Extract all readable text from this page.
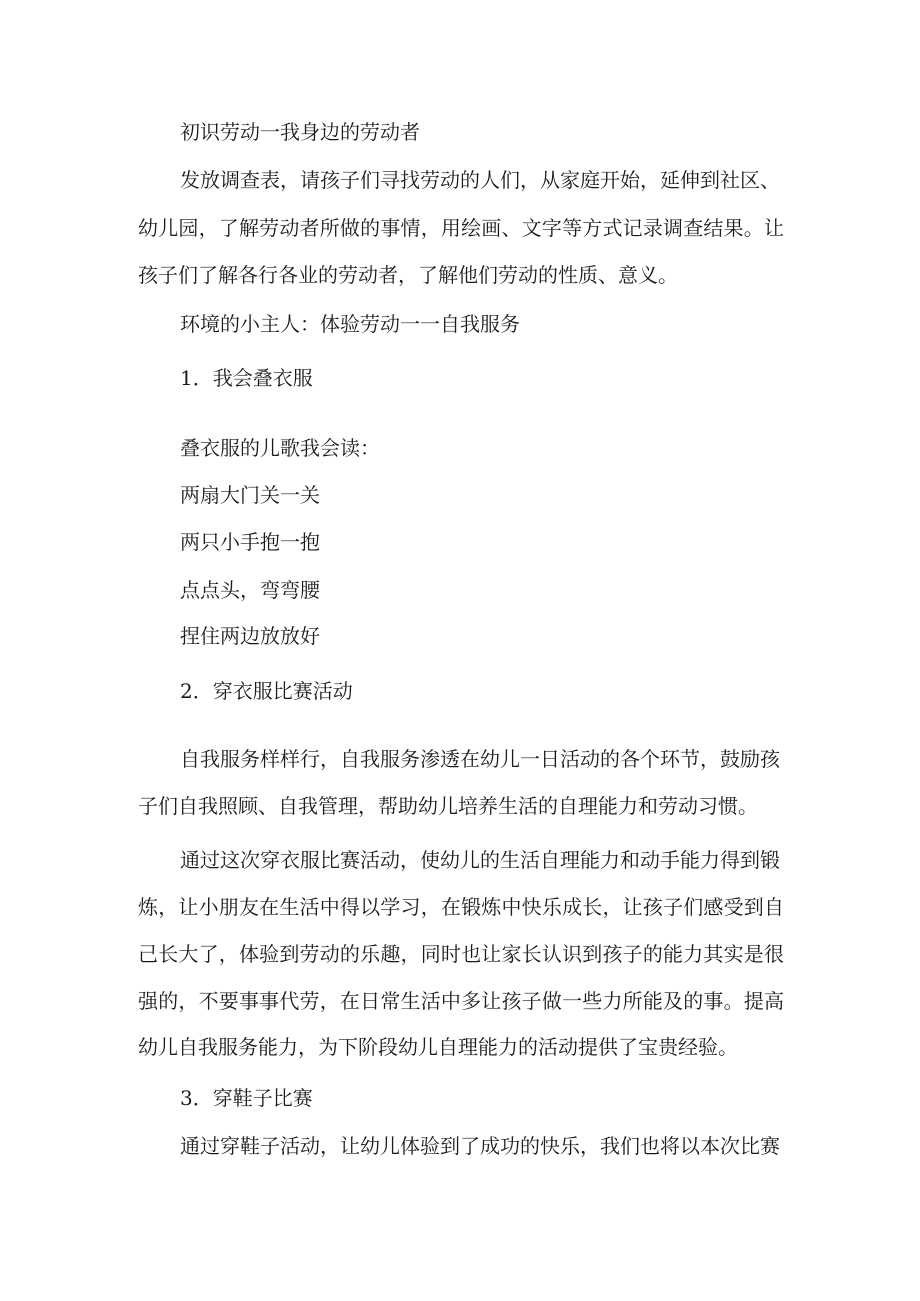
初识劳动一我身边的劳动者
发放调查表，请孩子们寻找劳动的人们，从家庭开始，延伸到社区、
幼儿园，了解劳动者所做的事情，用绘画、文字等方式记录调查结果。让
孩子们了解各行各业的劳动者，了解他们劳动的性质、意义。
环境的小主人：体验劳动一一自我服务
1．我会叠衣服
叠衣服的儿歌我会读：
两扇大门关一关
两只小手抱一抱
点点头，弯弯腰
捏住两边放放好
2．穿衣服比赛活动
自我服务样样行，自我服务渗透在幼儿一日活动的各个环节，鼓励孩
子们自我照顾、自我管理，帮助幼儿培养生活的自理能力和劳动习惯。
通过这次穿衣服比赛活动，使幼儿的生活自理能力和动手能力得到锻
炼，让小朋友在生活中得以学习，在锻炼中快乐成长，让孩子们感受到自
己长大了，体验到劳动的乐趣，同时也让家长认识到孩子的能力其实是很
强的，不要事事代劳，在日常生活中多让孩子做一些力所能及的事。提高
幼儿自我服务能力，为下阶段幼儿自理能力的活动提供了宝贵经验。
3．穿鞋子比赛
通过穿鞋子活动，让幼儿体验到了成功的快乐，我们也将以本次比赛
